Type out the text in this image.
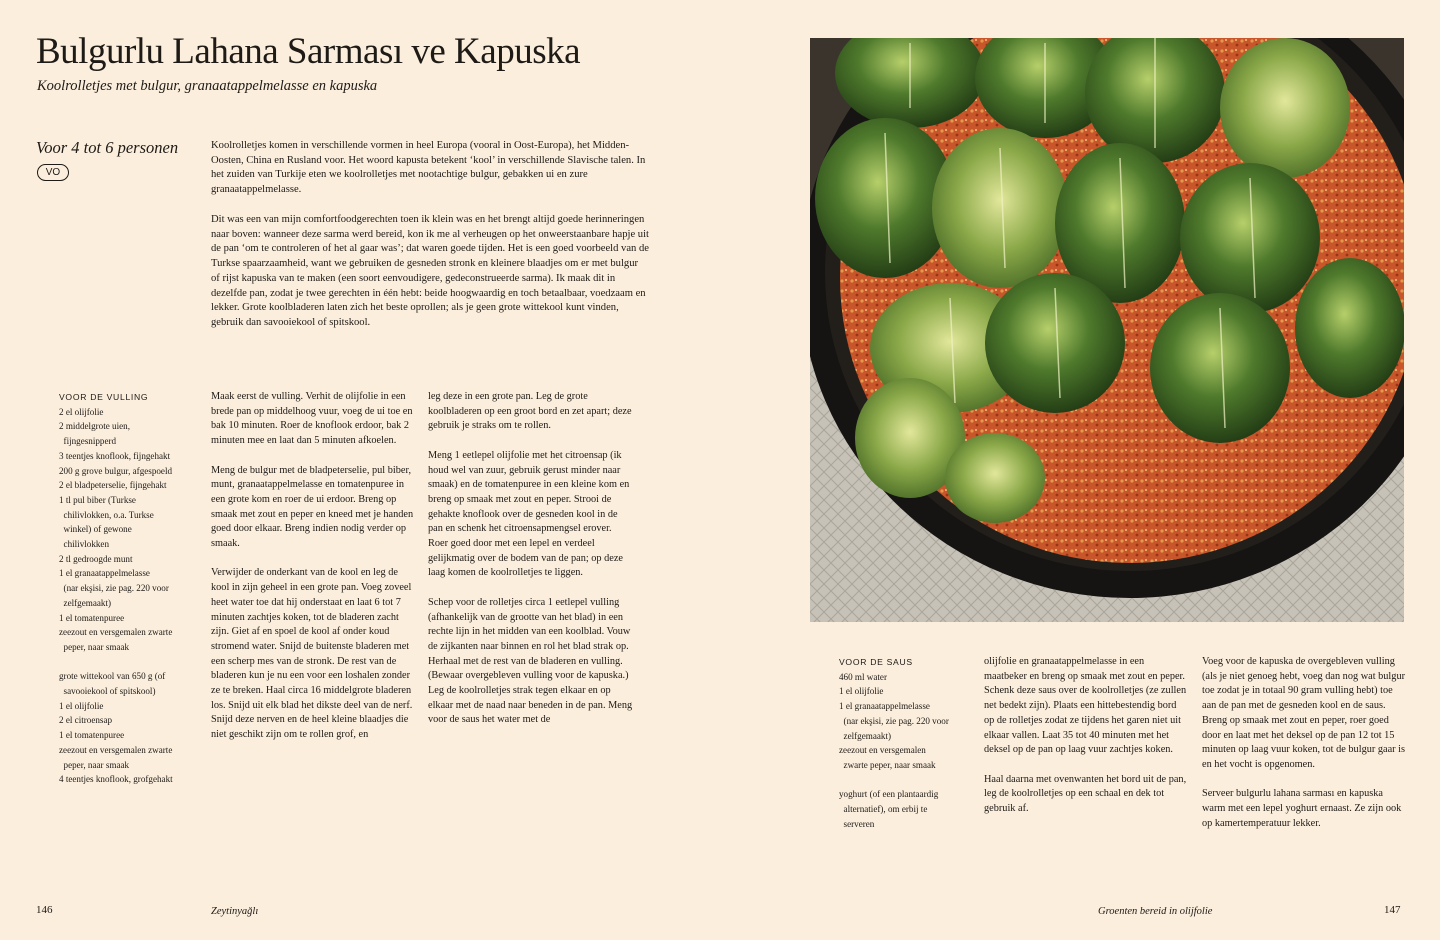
Bulgurlu Lahana Sarması ve Kapuska

Koolrolletjes met bulgur, granaatappelmelasse en kapuska

Voor 4 tot 6 personen
VO

Koolrolletjes komen in verschillende vormen in heel Europa (vooral in Oost-Europa), het Midden-Oosten, China en Rusland voor. Het woord kapusta betekent ‘kool’ in verschillende Slavische talen. In het zuiden van Turkije eten we koolrolletjes met nootachtige bulgur, gebakken ui en zure granaatappelmelasse.

Dit was een van mijn comfortfoodgerechten toen ik klein was en het brengt altijd goede herinneringen naar boven: wanneer deze sarma werd bereid, kon ik me al verheugen op het onweerstaanbare hapje uit de pan ‘om te controleren of het al gaar was’; dat waren goede tijden. Het is een goed voorbeeld van de Turkse spaarzaamheid, want we gebruiken de gesneden stronk en kleinere blaadjes om er met bulgur of rijst kapuska van te maken (een soort eenvoudigere, gedeconstrueerde sarma). Ik maak dit in dezelfde pan, zodat je twee gerechten in één hebt: beide hoogwaardig en toch betaalbaar, voedzaam en lekker. Grote koolbladeren laten zich het beste oprollen; als je geen grote wittekool kunt vinden, gebruik dan savooiekool of spitskool.

VOOR DE VULLING
2 el olijfolie
2 middelgrote uien,
fijngesnipperd
3 teentjes knoflook, fijngehakt
200 g grove bulgur, afgespoeld
2 el bladpeterselie, fijngehakt
1 tl pul biber (Turkse
chilivlokken, o.a. Turkse
winkel) of gewone
chilivlokken
2 tl gedroogde munt
1 el granaatappelmelasse
(nar ekşisi, zie pag. 220 voor
zelfgemaakt)
1 el tomatenpuree
zeezout en versgemalen zwarte
peper, naar smaak
grote wittekool van 650 g (of
savooiekool of spitskool)
1 el olijfolie
2 el citroensap
1 el tomatenpuree
zeezout en versgemalen zwarte
peper, naar smaak
4 teentjes knoflook, grofgehakt

Maak eerst de vulling. Verhit de olijfolie in een brede pan op middelhoog vuur, voeg de ui toe en bak 10 minuten. Roer de knoflook erdoor, bak 2 minuten mee en laat dan 5 minuten afkoelen.

Meng de bulgur met de bladpeterselie, pul biber, munt, granaatappelmelasse en tomatenpuree in een grote kom en roer de ui erdoor. Breng op smaak met zout en peper en kneed met je handen goed door elkaar. Breng indien nodig verder op smaak.

Verwijder de onderkant van de kool en leg de kool in zijn geheel in een grote pan. Voeg zoveel heet water toe dat hij onderstaat en laat 6 tot 7 minuten zachtjes koken, tot de bladeren zacht zijn. Giet af en spoel de kool af onder koud stromend water. Snijd de buitenste bladeren met een scherp mes van de stronk. De rest van de bladeren kun je nu een voor een loshalen zonder ze te breken. Haal circa 16 middelgrote bladeren los. Snijd uit elk blad het dikste deel van de nerf. Snijd deze nerven en de heel kleine blaadjes die niet geschikt zijn om te rollen grof, en

leg deze in een grote pan. Leg de grote koolbladeren op een groot bord en zet apart; deze gebruik je straks om te rollen.

Meng 1 eetlepel olijfolie met het citroensap (ik houd wel van zuur, gebruik gerust minder naar smaak) en de tomatenpuree in een kleine kom en breng op smaak met zout en peper. Strooi de gehakte knoflook over de gesneden kool in de pan en schenk het citroensapmengsel erover. Roer goed door met een lepel en verdeel gelijkmatig over de bodem van de pan; op deze laag komen de koolrolletjes te liggen.

Schep voor de rolletjes circa 1 eetlepel vulling (afhankelijk van de grootte van het blad) in een rechte lijn in het midden van een koolblad. Vouw de zijkanten naar binnen en rol het blad strak op. Herhaal met de rest van de bladeren en vulling. (Bewaar overgebleven vulling voor de kapuska.) Leg de koolrolletjes strak tegen elkaar en op elkaar met de naad naar beneden in de pan. Meng voor de saus het water met de

VOOR DE SAUS
460 ml water
1 el olijfolie
1 el granaatappelmelasse
(nar ekşisi, zie pag. 220 voor
zelfgemaakt)
zeezout en versgemalen
zwarte peper, naar smaak
yoghurt (of een plantaardig
alternatief), om erbij te
serveren

olijfolie en granaatappelmelasse in een maatbeker en breng op smaak met zout en peper. Schenk deze saus over de koolrolletjes (ze zullen net bedekt zijn). Plaats een hittebestendig bord op de rolletjes zodat ze tijdens het garen niet uit elkaar vallen. Laat 35 tot 40 minuten met het deksel op de pan op laag vuur zachtjes koken.

Haal daarna met ovenwanten het bord uit de pan, leg de koolrolletjes op een schaal en dek tot gebruik af.

Voeg voor de kapuska de overgebleven vulling (als je niet genoeg hebt, voeg dan nog wat bulgur toe zodat je in totaal 90 gram vulling hebt) toe aan de pan met de gesneden kool en de saus. Breng op smaak met zout en peper, roer goed door en laat met het deksel op de pan 12 tot 15 minuten op laag vuur koken, tot de bulgur gaar is en het vocht is opgenomen.

Serveer bulgurlu lahana sarması en kapuska warm met een lepel yoghurt ernaast. Ze zijn ook op kamertemperatuur lekker.

146	Zeytinyağlı	Groenten bereid in olijfolie	147
